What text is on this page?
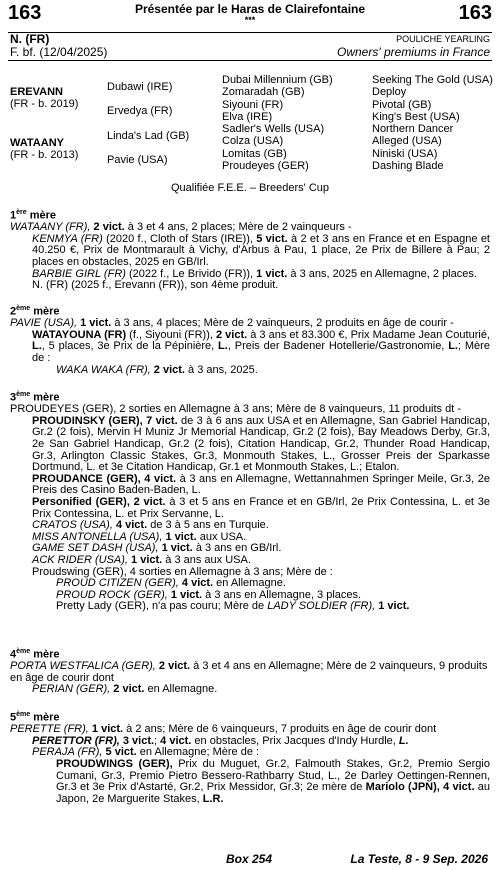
163	163
Présentée par le Haras de Clairefontaine
***
N. (FR)
F. bf. (12/04/2025)
POULICHE YEARLING
Owners' premiums in France
EREVANN
(FR - b. 2019)
WATAANY
(FR - b. 2013)
Dubawi (IRE)
Ervedya (FR)
Linda's Lad (GB)
Pavie (USA)
Dubai Millennium (GB)
Zomaradah (GB)
Siyouni (FR)
Elva (IRE)
Sadler's Wells (USA)
Colza (USA)
Lomitas (GB)
Proudeyes (GER)
Seeking The Gold (USA)
Deploy
Pivotal (GB)
King's Best (USA)
Northern Dancer
Alleged (USA)
Niniski (USA)
Dashing Blade
Qualifiée F.E.E. – Breeders' Cup
1ère mère

WATAANY (FR), 2 vict. à 3 et 4 ans, 2 places; Mère de 2 vainqueurs -

KENMYA (FR) (2020 f., Cloth of Stars (IRE)), 5 vict. à 2 et 3 ans en France et en Espagne et 40.250 €, Prix de Montmarault à Vichy, d'Arbus à Pau, 1 place, 2e Prix de Billere à Pau; 2 places en obstacles, 2025 en GB/Irl.

BARBIE GIRL (FR) (2022 f., Le Brivido (FR)), 1 vict. à 3 ans, 2025 en Allemagne, 2 places.

N. (FR) (2025 f., Erevann (FR)), son 4ème produit.

2ème mère

PAVIE (USA), 1 vict. à 3 ans, 4 places; Mère de 2 vainqueurs, 2 produits en âge de courir -

WATAYOUNA (FR) (f., Siyouni (FR)), 2 vict. à 3 ans et 83.300 €, Prix Madame Jean Couturié, L., 5 places, 3e Prix de la Pépinière, L., Preis der Badener Hotellerie/Gastronomie, L.; Mère de :

WAKA WAKA (FR), 2 vict. à 3 ans, 2025.

3ème mère

PROUDEYES (GER), 2 sorties en Allemagne à 3 ans; Mère de 8 vainqueurs, 11 produits dt -

PROUDINSKY (GER), 7 vict. de 3 à 6 ans aux USA et en Allemagne, San Gabriel Handicap, Gr.2 (2 fois), Mervin H Muniz Jr Memorial Handicap, Gr.2 (2 fois), Bay Meadows Derby, Gr.3, 2e San Gabriel Handicap, Gr.2 (2 fois), Citation Handicap, Gr.2, Thunder Road Handicap, Gr.3, Arlington Classic Stakes, Gr.3, Monmouth Stakes, L., Grosser Preis der Sparkasse Dortmund, L. et 3e Citation Handicap, Gr.1 et Monmouth Stakes, L.; Etalon.

PROUDANCE (GER), 4 vict. à 3 ans en Allemagne, Wettannahmen Springer Meile, Gr.3, 2e Preis des Casino Baden-Baden, L.

Personified (GER), 2 vict. à 3 et 5 ans en France et en GB/Irl, 2e Prix Contessina, L. et 3e Prix Contessina, L. et Prix Servanne, L.

CRATOS (USA), 4 vict. de 3 à 5 ans en Turquie.

MISS ANTONELLA (USA), 1 vict. aux USA.

GAME SET DASH (USA), 1 vict. à 3 ans en GB/Irl.

ACK RIDER (USA), 1 vict. à 3 ans aux USA.

Proudswing (GER), 4 sorties en Allemagne à 3 ans; Mère de :

PROUD CITIZEN (GER), 4 vict. en Allemagne.

PROUD ROCK (GER), 1 vict. à 3 ans en Allemagne, 3 places.

Pretty Lady (GER), n'a pas couru; Mère de LADY SOLDIER (FR), 1 vict.

4ème mère

PORTA WESTFALICA (GER), 2 vict. à 3 et 4 ans en Allemagne; Mère de 2 vainqueurs, 9 produits en âge de courir dont

PERIAN (GER), 2 vict. en Allemagne.

5ème mère

PERETTE (FR), 1 vict. à 2 ans; Mère de 6 vainqueurs, 7 produits en âge de courir dont

PERETTOR (FR), 3 vict.; 4 vict. en obstacles, Prix Jacques d'Indy Hurdle, L.

PERAJA (FR), 5 vict. en Allemagne; Mère de :

PROUDWINGS (GER), Prix du Muguet, Gr.2, Falmouth Stakes, Gr.2, Premio Sergio Cumani, Gr.3, Premio Pietro Bessero-Rathbarry Stud, L., 2e Darley Oettingen-Rennen, Gr.3 et 3e Prix d'Astarté, Gr.2, Prix Messidor, Gr.3; 2e mère de Mariolo (JPN), 4 vict. au Japon, 2e Marguerite Stakes, L.R.

Box 254	La Teste, 8 - 9 Sep. 2026
